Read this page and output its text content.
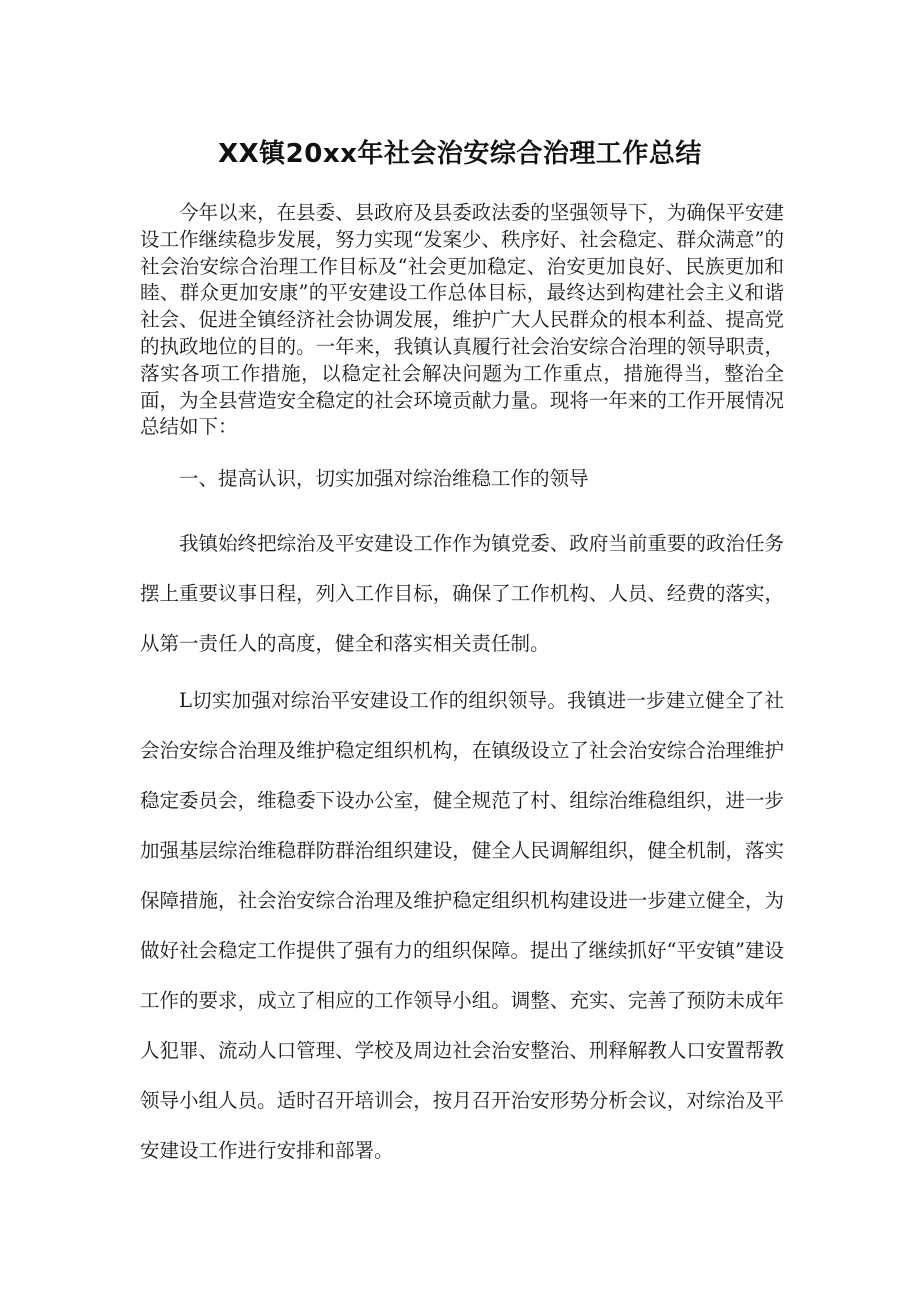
XX镇20xx年社会治安综合治理工作总结

今年以来，在县委、县政府及县委政法委的坚强领导下，为确保平安建设工作继续稳步发展，努力实现“发案少、秩序好、社会稳定、群众满意”的社会治安综合治理工作目标及“社会更加稳定、治安更加良好、民族更加和睦、群众更加安康”的平安建设工作总体目标，最终达到构建社会主义和谐社会、促进全镇经济社会协调发展，维护广大人民群众的根本利益、提高党的执政地位的目的。一年来，我镇认真履行社会治安综合治理的领导职责，落实各项工作措施，以稳定社会解决问题为工作重点，措施得当，整治全面，为全县营造安全稳定的社会环境贡献力量。现将一年来的工作开展情况总结如下：

一、提高认识，切实加强对综治维稳工作的领导

我镇始终把综治及平安建设工作作为镇党委、政府当前重要的政治任务摆上重要议事日程，列入工作目标，确保了工作机构、人员、经费的落实，从第一责任人的高度，健全和落实相关责任制。

L切实加强对综治平安建设工作的组织领导。我镇进一步建立健全了社会治安综合治理及维护稳定组织机构，在镇级设立了社会治安综合治理维护稳定委员会，维稳委下设办公室，健全规范了村、组综治维稳组织，进一步加强基层综治维稳群防群治组织建设，健全人民调解组织，健全机制，落实保障措施，社会治安综合治理及维护稳定组织机构建设进一步建立健全，为做好社会稳定工作提供了强有力的组织保障。提出了继续抓好“平安镇”建设工作的要求，成立了相应的工作领导小组。调整、充实、完善了预防未成年人犯罪、流动人口管理、学校及周边社会治安整治、刑释解教人口安置帮教领导小组人员。适时召开培训会，按月召开治安形势分析会议，对综治及平安建设工作进行安排和部署。
